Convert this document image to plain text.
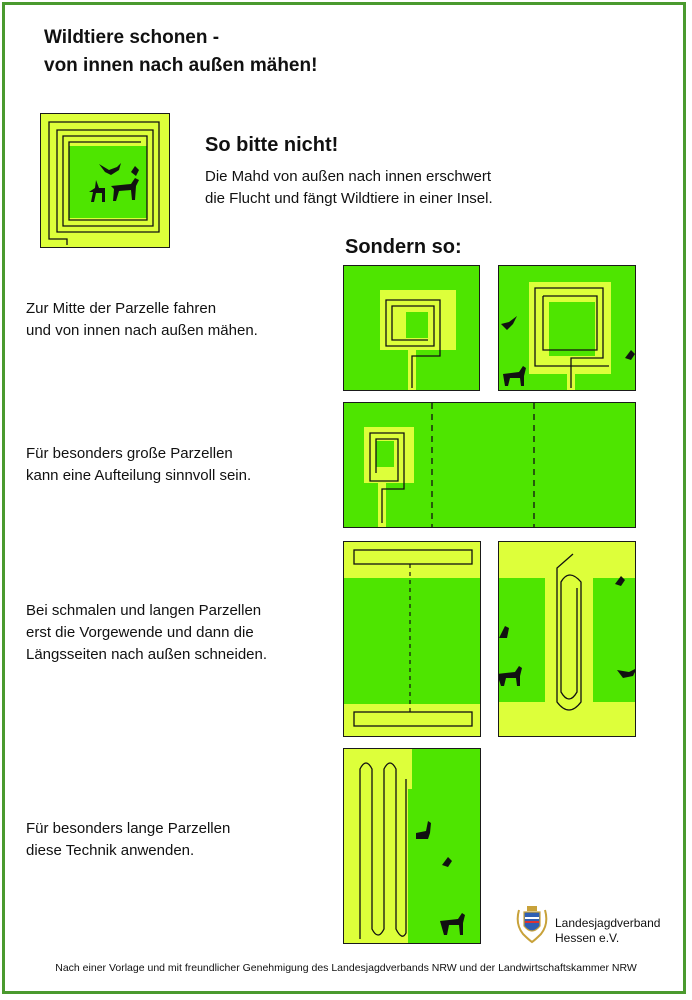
Wildtiere schonen -
von innen nach außen mähen!
So bitte nicht!
Die Mahd von außen nach innen erschwert
die Flucht und fängt Wildtiere in einer Insel.
Sondern so:
Zur Mitte der Parzelle fahren
und von innen nach außen mähen.
Für besonders große Parzellen
kann eine Aufteilung sinnvoll sein.
Bei schmalen und langen Parzellen
erst die Vorgewende und dann die
Längsseiten nach außen schneiden.
Für besonders lange Parzellen
diese Technik anwenden.
Landesjagdverband
Hessen e.V.
Nach einer Vorlage und mit freundlicher Genehmigung des Landesjagdverbands NRW und der Landwirtschaftskammer NRW
